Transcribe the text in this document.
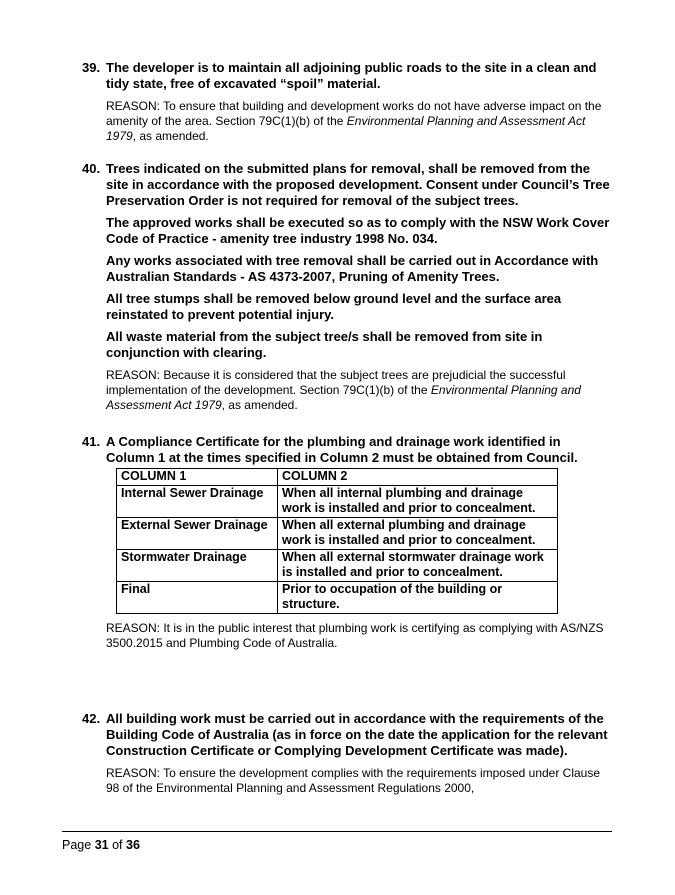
39. The developer is to maintain all adjoining public roads to the site in a clean and tidy state, free of excavated “spoil” material.

REASON: To ensure that building and development works do not have adverse impact on the amenity of the area. Section 79C(1)(b) of the Environmental Planning and Assessment Act 1979, as amended.

40. Trees indicated on the submitted plans for removal, shall be removed from the site in accordance with the proposed development. Consent under Council’s Tree Preservation Order is not required for removal of the subject trees.

The approved works shall be executed so as to comply with the NSW Work Cover Code of Practice - amenity tree industry 1998 No. 034.

Any works associated with tree removal shall be carried out in Accordance with Australian Standards - AS 4373-2007, Pruning of Amenity Trees.

All tree stumps shall be removed below ground level and the surface area reinstated to prevent potential injury.

All waste material from the subject tree/s shall be removed from site in conjunction with clearing.

REASON: Because it is considered that the subject trees are prejudicial the successful implementation of the development. Section 79C(1)(b) of the Environmental Planning and Assessment Act 1979, as amended.

41. A Compliance Certificate for the plumbing and drainage work identified in Column 1 at the times specified in Column 2 must be obtained from Council.

COLUMN 1	COLUMN 2
Internal Sewer Drainage	When all internal plumbing and drainage work is installed and prior to concealment.
External Sewer Drainage	When all external plumbing and drainage work is installed and prior to concealment.
Stormwater Drainage	When all external stormwater drainage work is installed and prior to concealment.
Final	Prior to occupation of the building or structure.

REASON: It is in the public interest that plumbing work is certifying as complying with AS/NZS 3500.2015 and Plumbing Code of Australia.

42. All building work must be carried out in accordance with the requirements of the Building Code of Australia (as in force on the date the application for the relevant Construction Certificate or Complying Development Certificate was made).

REASON: To ensure the development complies with the requirements imposed under Clause 98 of the Environmental Planning and Assessment Regulations 2000,

Page 31 of 36
